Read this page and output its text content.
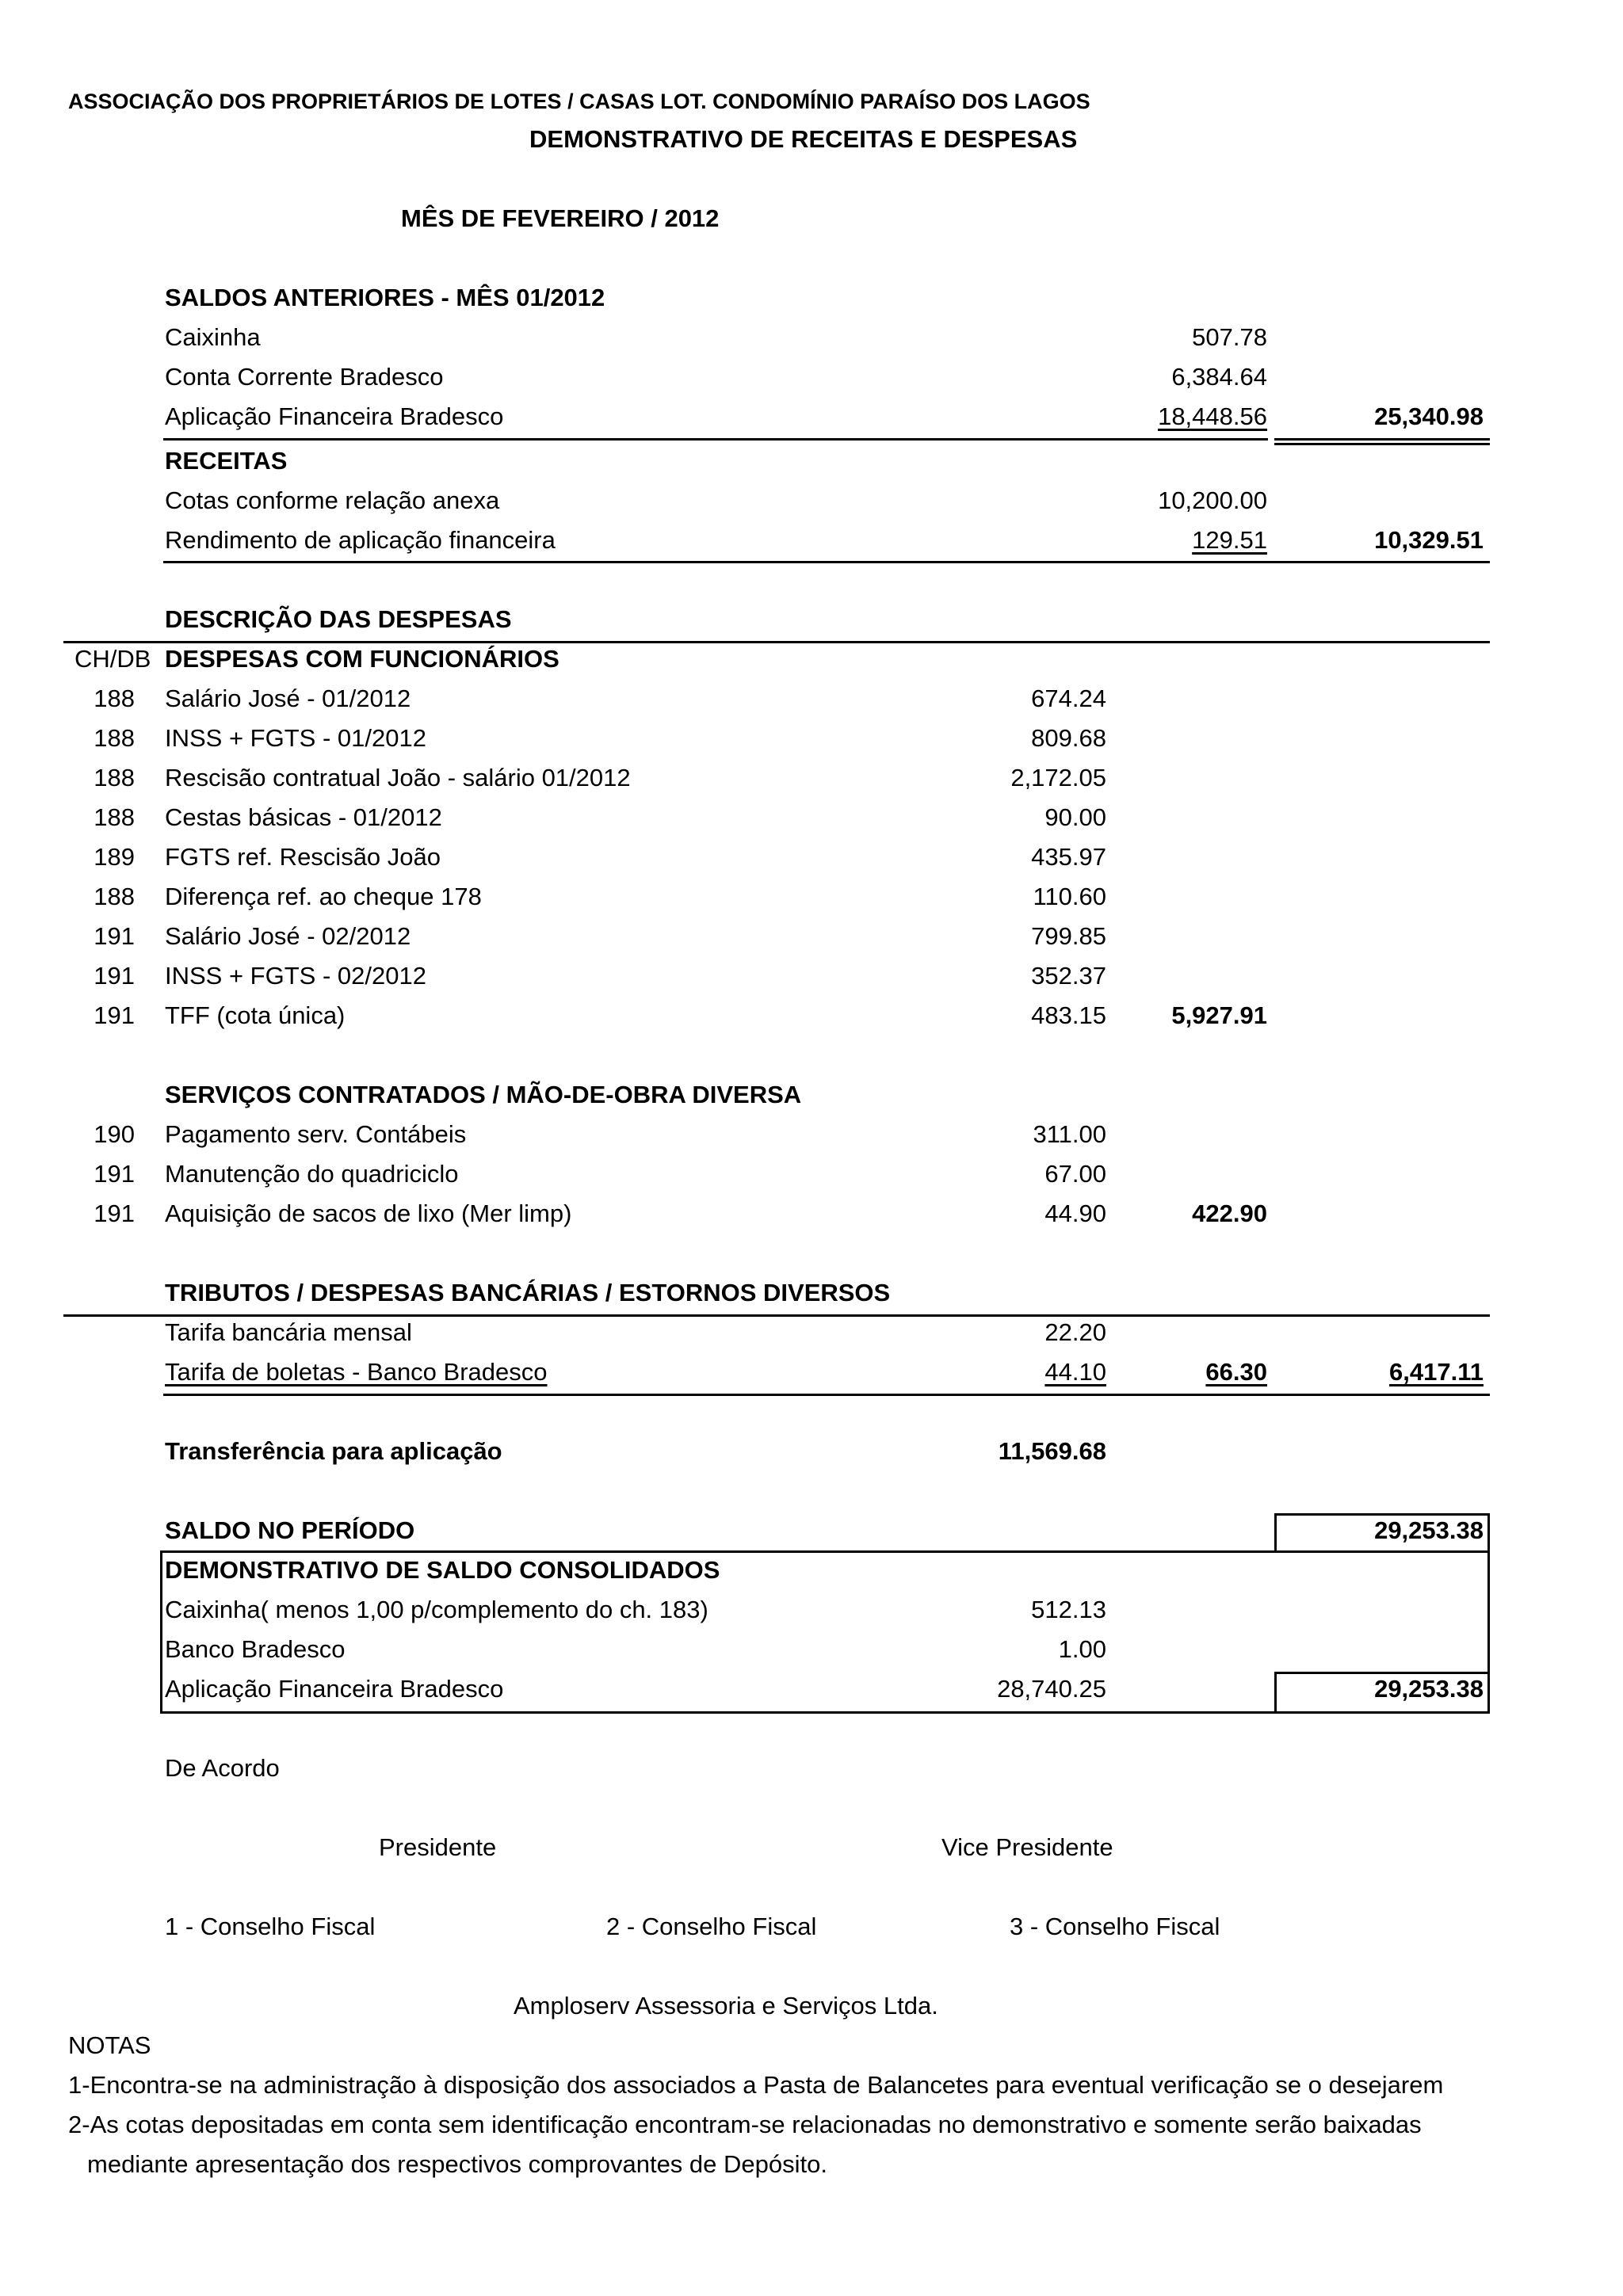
ASSOCIAÇÃO DOS PROPRIETÁRIOS DE LOTES / CASAS LOT. CONDOMÍNIO PARAÍSO DOS LAGOS
DEMONSTRATIVO DE RECEITAS E DESPESAS
MÊS DE FEVEREIRO / 2012
SALDOS ANTERIORES - MÊS 01/2012
Caixinha	507.78
Conta Corrente Bradesco	6,384.64
Aplicação Financeira Bradesco	18,448.56	25,340.98
RECEITAS
Cotas conforme relação anexa	10,200.00
Rendimento de aplicação financeira	129.51	10,329.51
DESCRIÇÃO DAS DESPESAS
CH/DB DESPESAS COM FUNCIONÁRIOS
188 Salário José - 01/2012	674.24
188 INSS + FGTS - 01/2012	809.68
188 Rescisão contratual João - salário 01/2012	2,172.05
188 Cestas básicas - 01/2012	90.00
189 FGTS ref. Rescisão João	435.97
188 Diferença ref. ao cheque 178	110.60
191 Salário José - 02/2012	799.85
191 INSS + FGTS - 02/2012	352.37
191 TFF (cota única)	483.15	5,927.91
SERVIÇOS CONTRATADOS / MÃO-DE-OBRA DIVERSA
190 Pagamento serv. Contábeis	311.00
191 Manutenção do quadriciclo	67.00
191 Aquisição de sacos de lixo (Mer limp)	44.90	422.90
TRIBUTOS / DESPESAS BANCÁRIAS / ESTORNOS DIVERSOS
Tarifa bancária mensal	22.20
Tarifa de boletas - Banco Bradesco	44.10	66.30	6,417.11
Transferência para aplicação	11,569.68
SALDO NO PERÍODO	29,253.38
DEMONSTRATIVO DE SALDO CONSOLIDADOS
Caixinha( menos 1,00 p/complemento do ch. 183)	512.13
Banco Bradesco	1.00
Aplicação Financeira Bradesco	28,740.25	29,253.38
De Acordo
Presidente	Vice Presidente
1 - Conselho Fiscal	2 - Conselho Fiscal	3 - Conselho Fiscal
Amploserv Assessoria e Serviços Ltda.
NOTAS
1-Encontra-se na administração à disposição dos associados a Pasta de Balancetes para eventual verificação se o desejarem
2-As cotas depositadas em conta sem identificação encontram-se relacionadas no demonstrativo e somente serão baixadas
mediante apresentação dos respectivos comprovantes de Depósito.
